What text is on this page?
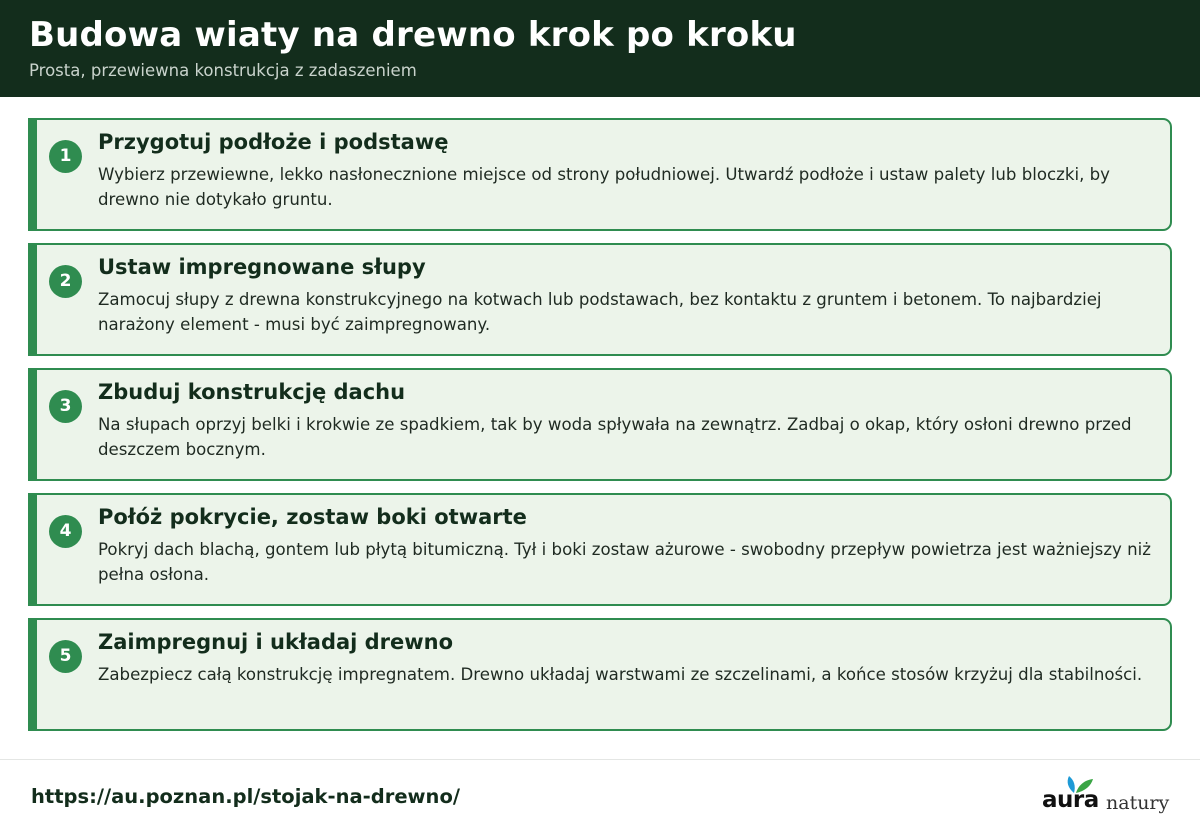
Budowa wiaty na drewno krok po kroku
Prosta, przewiewna konstrukcja z zadaszeniem
1
Przygotuj podłoże i podstawę
Wybierz przewiewne, lekko nasłonecznione miejsce od strony południowej. Utwardź podłoże i ustaw palety lub bloczki, by drewno nie dotykało gruntu.
2
Ustaw impregnowane słupy
Zamocuj słupy z drewna konstrukcyjnego na kotwach lub podstawach, bez kontaktu z gruntem i betonem. To najbardziej narażony element - musi być zaimpregnowany.
3
Zbuduj konstrukcję dachu
Na słupach oprzyj belki i krokwie ze spadkiem, tak by woda spływała na zewnątrz. Zadbaj o okap, który osłoni drewno przed deszczem bocznym.
4
Połóż pokrycie, zostaw boki otwarte
Pokryj dach blachą, gontem lub płytą bitumiczną. Tył i boki zostaw ażurowe - swobodny przepływ powietrza jest ważniejszy niż pełna osłona.
5
Zaimpregnuj i układaj drewno
Zabezpiecz całą konstrukcję impregnatem. Drewno układaj warstwami ze szczelinami, a końce stosów krzyżuj dla stabilności.
https://au.poznan.pl/stojak-na-drewno/	aura natury
